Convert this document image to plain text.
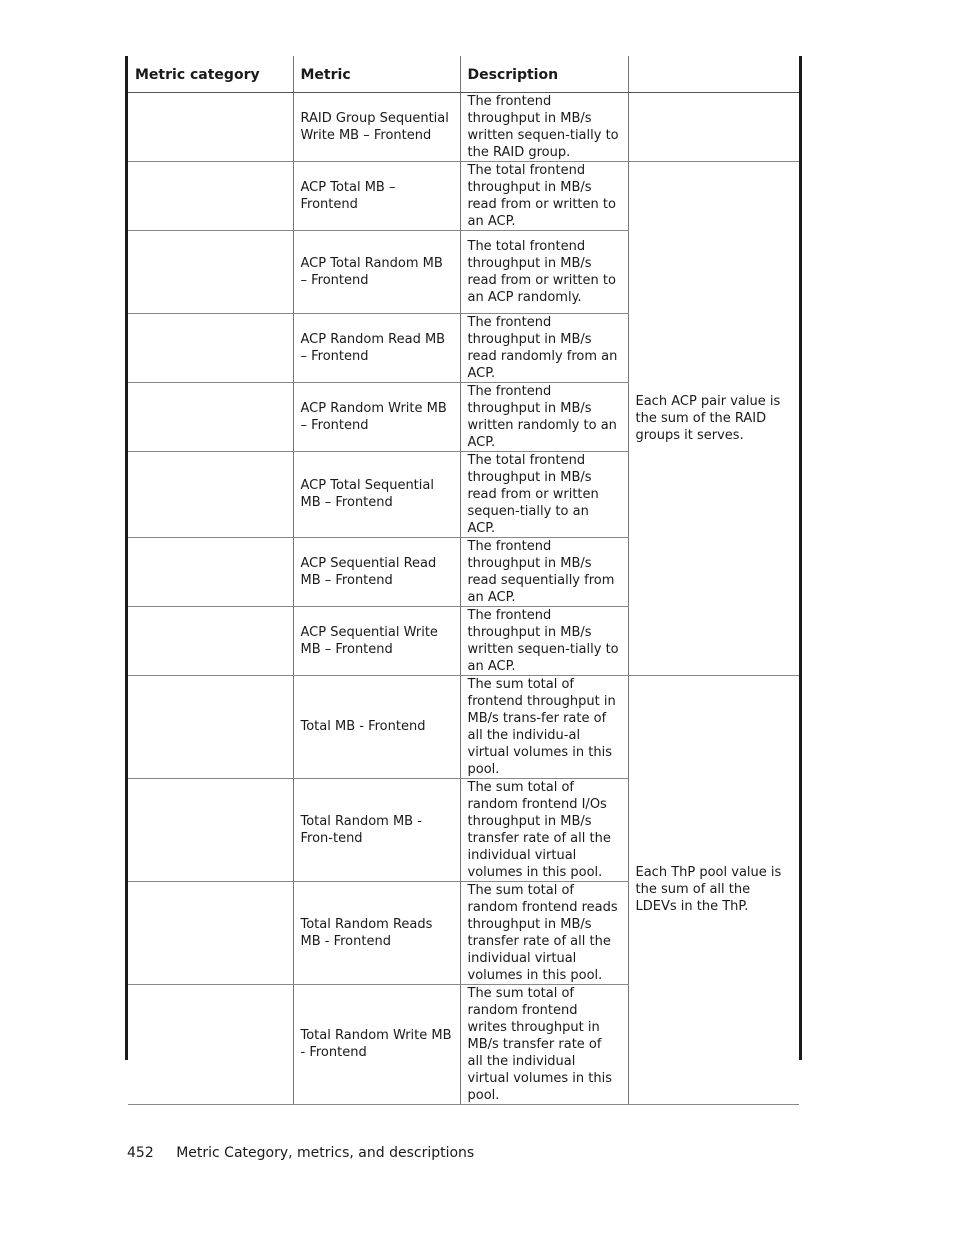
Metric category	Metric	Description	
	RAID Group Sequential Write MB – Frontend	The frontend throughput in MB/s written sequen-tially to the RAID group.	
	ACP Total MB – Frontend	The total frontend throughput in MB/s read from or written to an ACP.	Each ACP pair value is the sum of the RAID groups it serves.
	ACP Total Random MB – Frontend	The total frontend throughput in MB/s read from or written to an ACP randomly.	
	ACP Random Read MB – Frontend	The frontend throughput in MB/s read randomly from an ACP.	
	ACP Random Write MB – Frontend	The frontend throughput in MB/s written randomly to an ACP.	
	ACP Total Sequential MB – Frontend	The total frontend throughput in MB/s read from or written sequen-tially to an ACP.	
	ACP Sequential Read MB – Frontend	The frontend throughput in MB/s read sequentially from an ACP.	
	ACP Sequential Write MB – Frontend	The frontend throughput in MB/s written sequen-tially to an ACP.	
	Total MB - Frontend	The sum total of frontend throughput in MB/s trans-fer rate of all the individu-al virtual volumes in this pool.	Each ThP pool value is the sum of all the LDEVs in the ThP.
	Total Random MB - Fron-tend	The sum total of random frontend I/Os throughput in MB/s transfer rate of all the individual virtual volumes in this pool.	
	Total Random Reads MB - Frontend	The sum total of random frontend reads throughput in MB/s transfer rate of all the individual virtual volumes in this pool.	
	Total Random Write MB - Frontend	The sum total of random frontend writes throughput in MB/s transfer rate of all the individual virtual volumes in this pool.	
452 Metric Category, metrics, and descriptions
